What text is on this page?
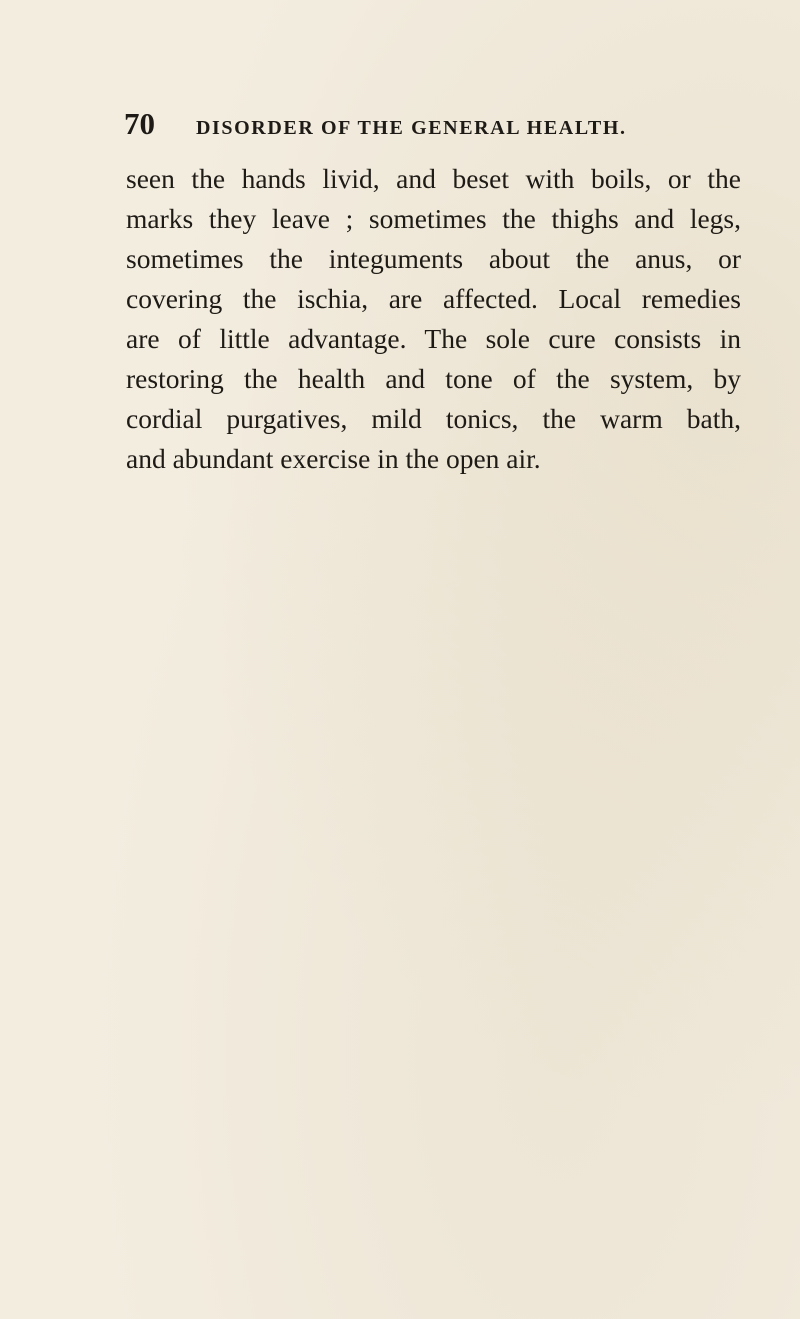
70	DISORDER OF THE GENERAL HEALTH.
seen the hands livid, and beset with boils, or the
marks they leave ; sometimes the thighs and legs,
sometimes the integuments about the anus, or
covering the ischia, are affected. Local remedies
are of little advantage. The sole cure consists in
restoring the health and tone of the system, by
cordial purgatives, mild tonics, the warm bath,
and abundant exercise in the open air.
